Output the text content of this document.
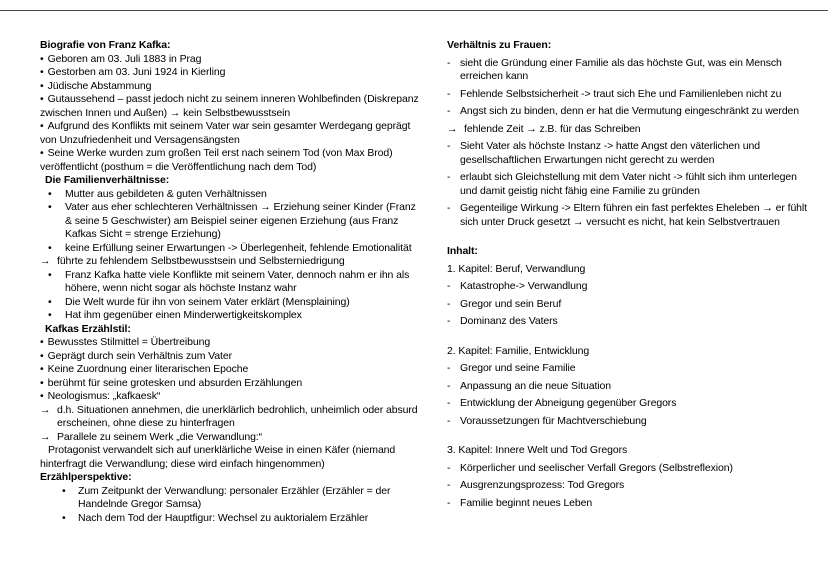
Biografie von Franz Kafka:
• Geboren am 03. Juli 1883 in Prag
• Gestorben am 03. Juni 1924 in Kierling
• Jüdische Abstammung
• Gutaussehend – passt jedoch nicht zu seinem inneren Wohlbefinden (Diskrepanz zwischen Innen und Außen) → kein Selbstbewusstsein
• Aufgrund des Konflikts mit seinem Vater war sein gesamter Werdegang geprägt von Unzufriedenheit und Versagensängsten
• Seine Werke wurden zum großen Teil erst nach seinem Tod (von Max Brod) veröffentlicht (posthum = die Veröffentlichung nach dem Tod)
Die Familienverhältnisse:
•	Mutter aus gebildeten & guten Verhältnissen
•	Vater aus eher schlechteren Verhältnissen → Erziehung seiner Kinder (Franz & seine 5 Geschwister) am Beispiel seiner eigenen Erziehung (aus Franz Kafkas Sicht = strenge Erziehung)
•	keine Erfüllung seiner Erwartungen -> Überlegenheit, fehlende Emotionalität
→ führte zu fehlendem Selbstbewusstsein und Selbsterniedrigung
•	Franz Kafka hatte viele Konflikte mit seinem Vater, dennoch nahm er ihn als höhere, wenn nicht sogar als höchste Instanz wahr
•	Die Welt wurde für ihn von seinem Vater erklärt (Mensplaining)
•	Hat ihm gegenüber einen Minderwertigkeitskomplex
Kafkas Erzählstil:
• Bewusstes Stilmittel = Übertreibung
• Geprägt durch sein Verhältnis zum Vater
• Keine Zuordnung einer literarischen Epoche
• berühmt für seine grotesken und absurden Erzählungen
• Neologismus: „kafkaesk“
→ d.h. Situationen annehmen, die unerklärlich bedrohlich, unheimlich oder absurd erscheinen, ohne diese zu hinterfragen
→ Parallele zu seinem Werk „die Verwandlung:“
Protagonist verwandelt sich auf unerklärliche Weise in einen Käfer (niemand hinterfragt die Verwandlung; diese wird einfach hingenommen)
Erzählperspektive:
•	Zum Zeitpunkt der Verwandlung: personaler Erzähler (Erzähler = der Handelnde Gregor Samsa)
•	Nach dem Tod der Hauptfigur: Wechsel zu auktorialem Erzähler
Verhältnis zu Frauen:
- sieht die Gründung einer Familie als das höchste Gut, was ein Mensch erreichen kann
- Fehlende Selbstsicherheit -> traut sich Ehe und Familienleben nicht zu
- Angst sich zu binden, denn er hat die Vermutung eingeschränkt zu werden
→ fehlende Zeit → z.B. für das Schreiben
- Sieht Vater als höchste Instanz -> hatte Angst den väterlichen und gesellschaftlichen Erwartungen nicht gerecht zu werden
- erlaubt sich Gleichstellung mit dem Vater nicht -> fühlt sich ihm unterlegen und damit geistig nicht fähig eine Familie zu gründen
- Gegenteilige Wirkung -> Eltern führen ein fast perfektes Eheleben → er fühlt sich unter Druck gesetzt → versucht es nicht, hat kein Selbstvertrauen
Inhalt:
1. Kapitel: Beruf, Verwandlung
- Katastrophe-> Verwandlung
- Gregor und sein Beruf
- Dominanz des Vaters
2. Kapitel: Familie, Entwicklung
- Gregor und seine Familie
- Anpassung an die neue Situation
- Entwicklung der Abneigung gegenüber Gregors
- Voraussetzungen für Machtverschiebung
3. Kapitel: Innere Welt und Tod Gregors
- Körperlicher und seelischer Verfall Gregors (Selbstreflexion)
- Ausgrenzungsprozess: Tod Gregors
- Familie beginnt neues Leben
